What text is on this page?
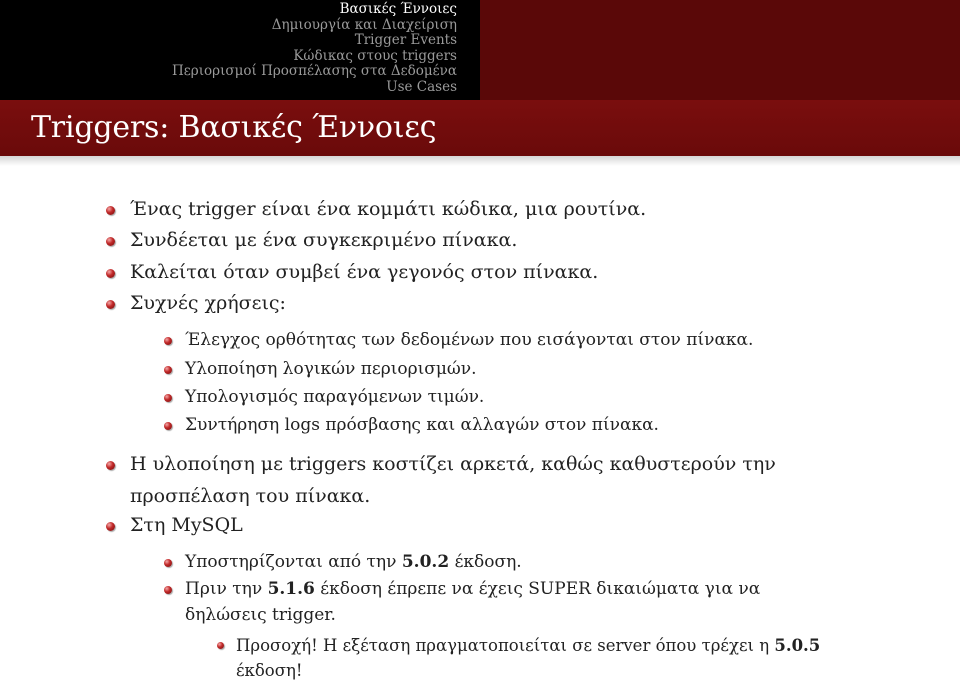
Βασικές Έννοιες
Δημιουργία και Διαχείριση
Trigger Events
Κώδικας στους triggers
Περιορισμοί Προσπέλασης στα Δεδομένα
Use Cases
Triggers: Βασικές Έννοιες
Ένας trigger είναι ένα κομμάτι κώδικα, μια ρουτίνα.
Συνδέεται με ένα συγκεκριμένο πίνακα.
Καλείται όταν συμβεί ένα γεγονός στον πίνακα.
Συχνές χρήσεις:
Έλεγχος ορθότητας των δεδομένων που εισάγονται στον πίνακα.
Υλοποίηση λογικών περιορισμών.
Υπολογισμός παραγόμενων τιμών.
Συντήρηση logs πρόσβασης και αλλαγών στον πίνακα.
Η υλοποίηση με triggers κοστίζει αρκετά, καθώς καθυστερούν την
προσπέλαση του πίνακα.
Στη MySQL
Υποστηρίζονται από την 5.0.2 έκδοση.
Πριν την 5.1.6 έκδοση έπρεπε να έχεις SUPER δικαιώματα για να
δηλώσεις trigger.
Προσοχή! Η εξέταση πραγματοποιείται σε server όπου τρέχει η 5.0.5
έκδοση!
